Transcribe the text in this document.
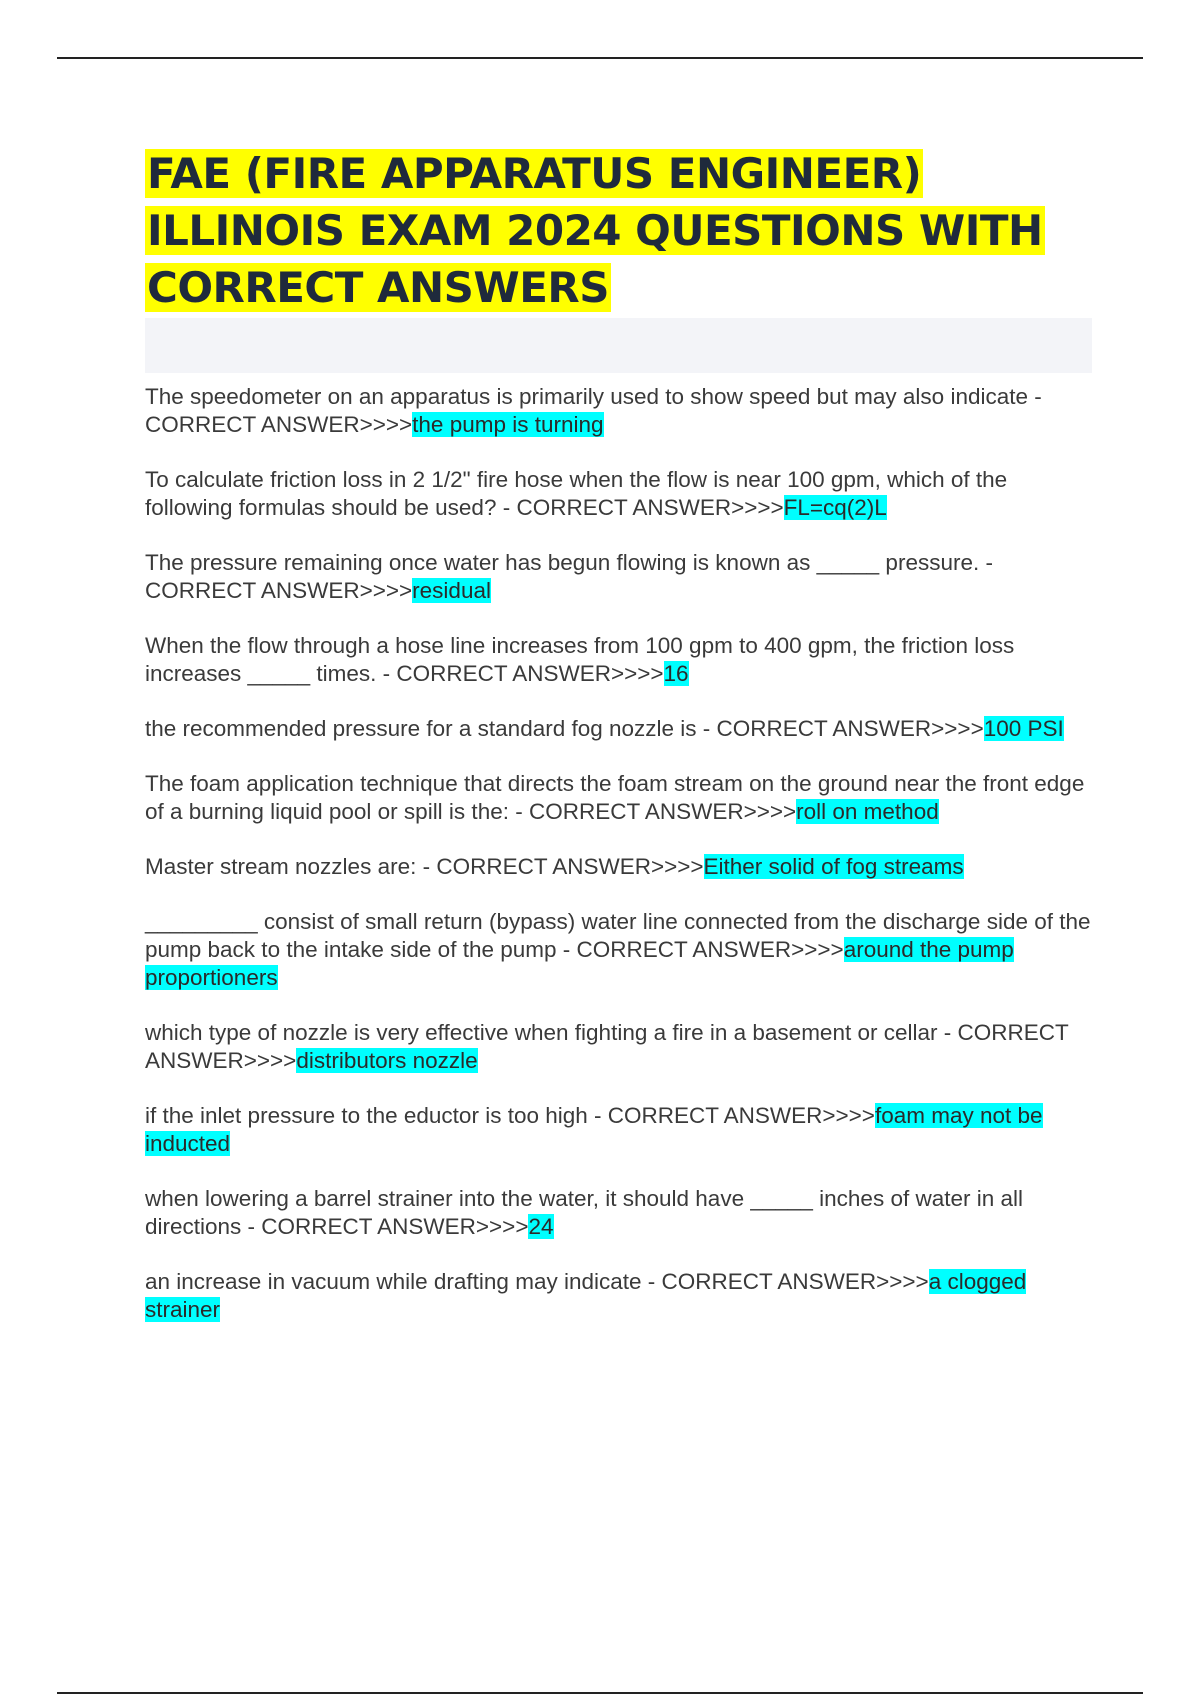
FAE (FIRE APPARATUS ENGINEER)
ILLINOIS EXAM 2024 QUESTIONS WITH
CORRECT ANSWERS
The speedometer on an apparatus is primarily used to show speed but may also indicate - CORRECT ANSWER>>>>the pump is turning
To calculate friction loss in 2 1/2" fire hose when the flow is near 100 gpm, which of the following formulas should be used? - CORRECT ANSWER>>>>FL=cq(2)L
The pressure remaining once water has begun flowing is known as _____ pressure. - CORRECT ANSWER>>>>residual
When the flow through a hose line increases from 100 gpm to 400 gpm, the friction loss increases _____ times. - CORRECT ANSWER>>>>16
the recommended pressure for a standard fog nozzle is - CORRECT ANSWER>>>>100 PSI
The foam application technique that directs the foam stream on the ground near the front edge of a burning liquid pool or spill is the: - CORRECT ANSWER>>>>roll on method
Master stream nozzles are: - CORRECT ANSWER>>>>Either solid of fog streams
_________ consist of small return (bypass) water line connected from the discharge side of the pump back to the intake side of the pump - CORRECT ANSWER>>>>around the pump proportioners
which type of nozzle is very effective when fighting a fire in a basement or cellar - CORRECT ANSWER>>>>distributors nozzle
if the inlet pressure to the eductor is too high - CORRECT ANSWER>>>>foam may not be inducted
when lowering a barrel strainer into the water, it should have _____ inches of water in all directions - CORRECT ANSWER>>>>24
an increase in vacuum while drafting may indicate - CORRECT ANSWER>>>>a clogged strainer
